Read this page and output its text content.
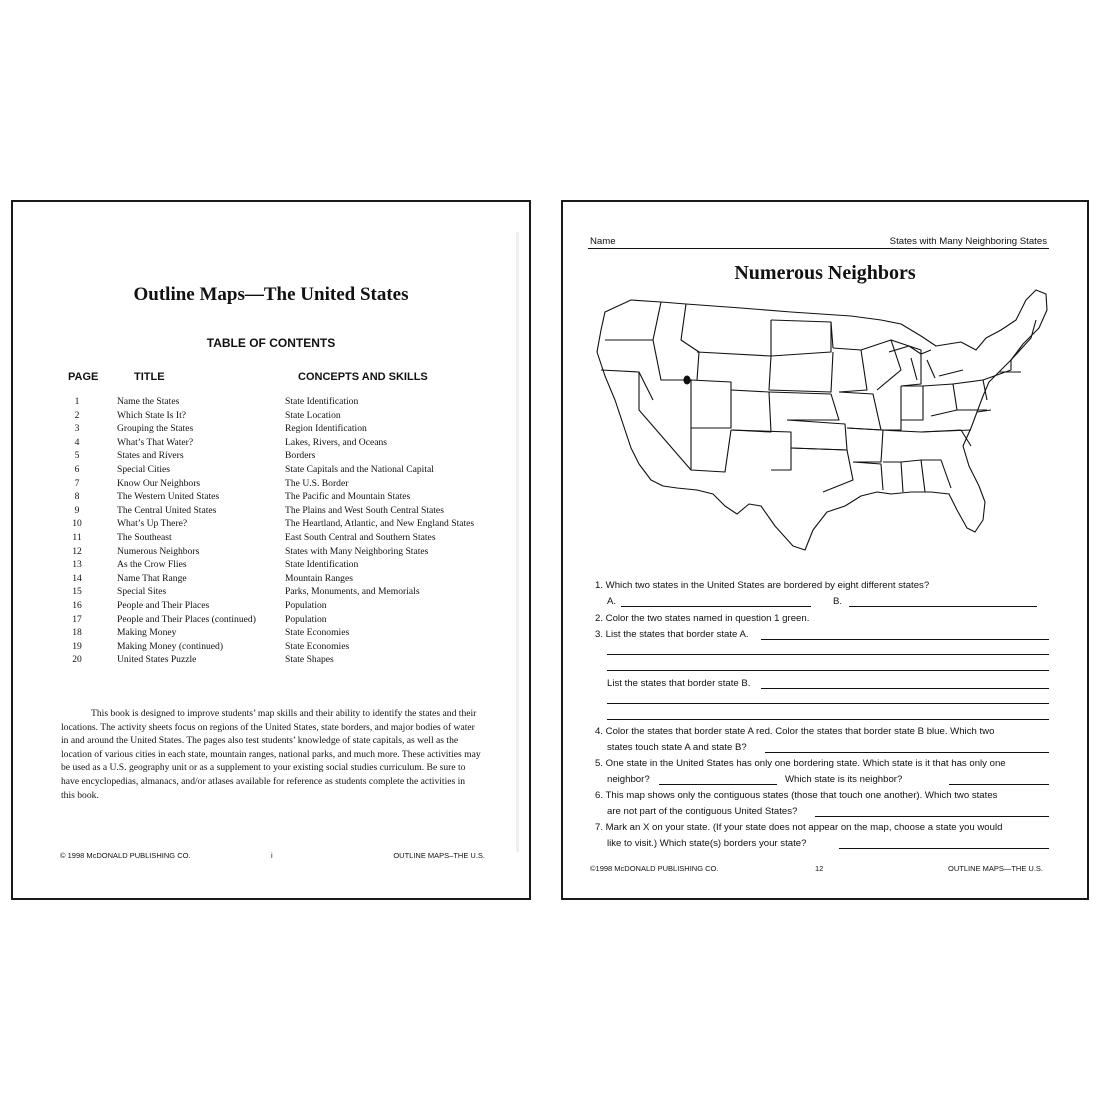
Outline Maps—The United States
TABLE OF CONTENTS
PAGE	TITLE	CONCEPTS AND SKILLS
1	Name the States	State Identification
2	Which State Is It?	State Location
3	Grouping the States	Region Identification
4	What’s That Water?	Lakes, Rivers, and Oceans
5	States and Rivers	Borders
6	Special Cities	State Capitals and the National Capital
7	Know Our Neighbors	The U.S. Border
8	The Western United States	The Pacific and Mountain States
9	The Central United States	The Plains and West South Central States
10	What’s Up There?	The Heartland, Atlantic, and New England States
11	The Southeast	East South Central and Southern States
12	Numerous Neighbors	States with Many Neighboring States
13	As the Crow Flies	State Identification
14	Name That Range	Mountain Ranges
15	Special Sites	Parks, Monuments, and Memorials
16	People and Their Places	Population
17	People and Their Places (continued)	Population
18	Making Money	State Economies
19	Making Money (continued)	State Economies
20	United States Puzzle	State Shapes
This book is designed to improve students’ map skills and their ability to identify the states and their locations. The activity sheets focus on regions of the United States, state borders, and major bodies of water in and around the United States. The pages also test students’ knowledge of state capitals, as well as the location of various cities in each state, mountain ranges, national parks, and much more. These activities may be used as a U.S. geography unit or as a supplement to your existing social studies curriculum. Be sure to have encyclopedias, almanacs, and/or atlases available for reference as students complete the activities in this book.
© 1998 McDONALD PUBLISHING CO.	i	OUTLINE MAPS–THE U.S.
Name	States with Many Neighboring States
Numerous Neighbors
1. Which two states in the United States are bordered by eight different states?
A.	B.
2. Color the two states named in question 1 green.
3. List the states that border state A.
List the states that border state B.
4. Color the states that border state A red. Color the states that border state B blue. Which two
states touch state A and state B?
5. One state in the United States has only one bordering state. Which state is it that has only one
neighbor?	Which state is its neighbor?
6. This map shows only the contiguous states (those that touch one another). Which two states
are not part of the contiguous United States?
7. Mark an X on your state. (If your state does not appear on the map, choose a state you would
like to visit.) Which state(s) borders your state?
©1998 McDONALD PUBLISHING CO.	12	OUTLINE MAPS—THE U.S.
